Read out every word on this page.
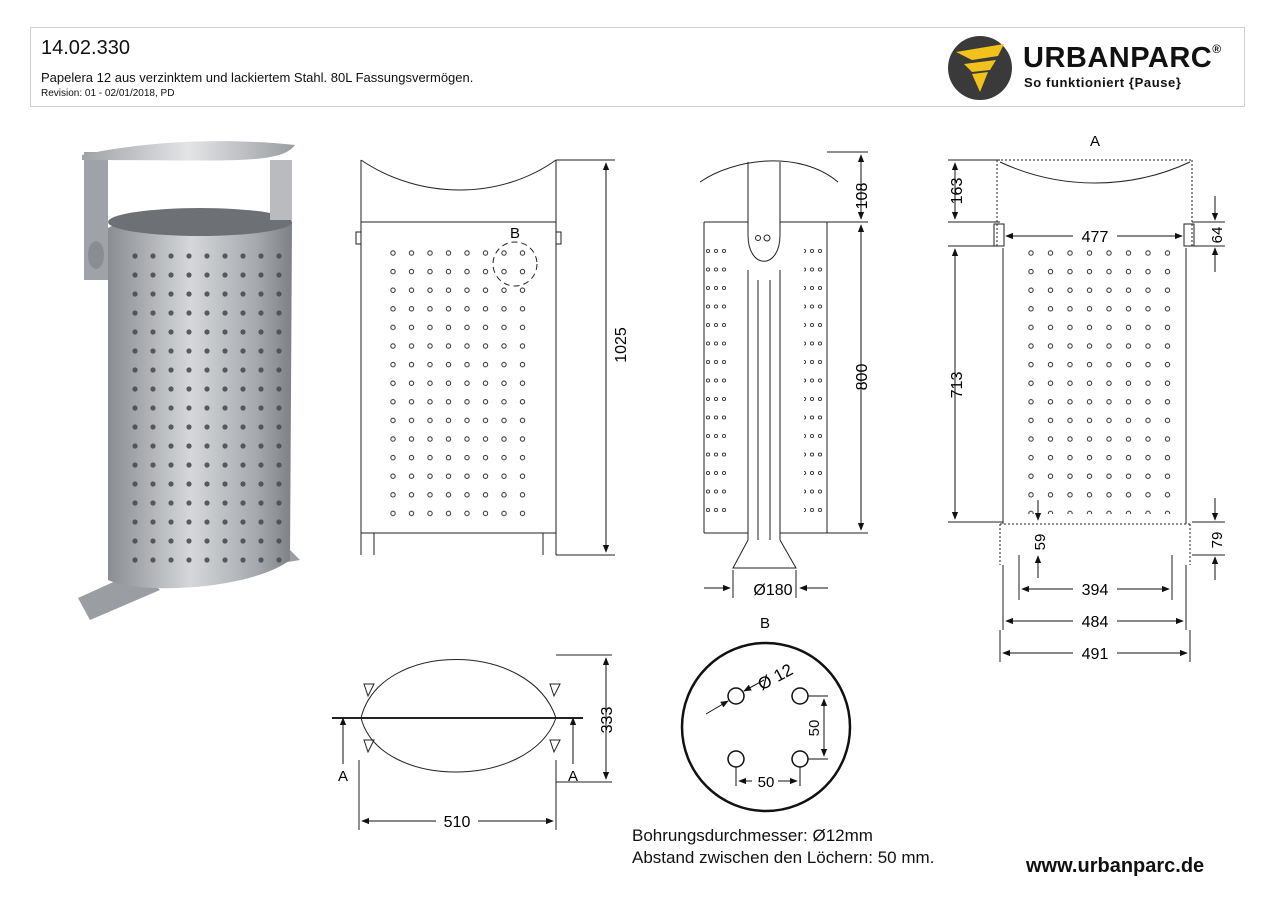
14.02.330
Papelera 12 aus verzinktem und lackiertem Stahl. 80L Fassungsvermögen.
Revision: 01 - 02/01/2018, PD
URBANPARC®
So funktioniert {Pause}
B
1025
108
800
Ø180
A
163
713
477	64
79
59
394
484
491
A	A
333
510
B
Ø 12
50
50
Bohrungsdurchmesser: Ø12mm
Abstand zwischen den Löchern: 50 mm.	www.urbanparc.de
